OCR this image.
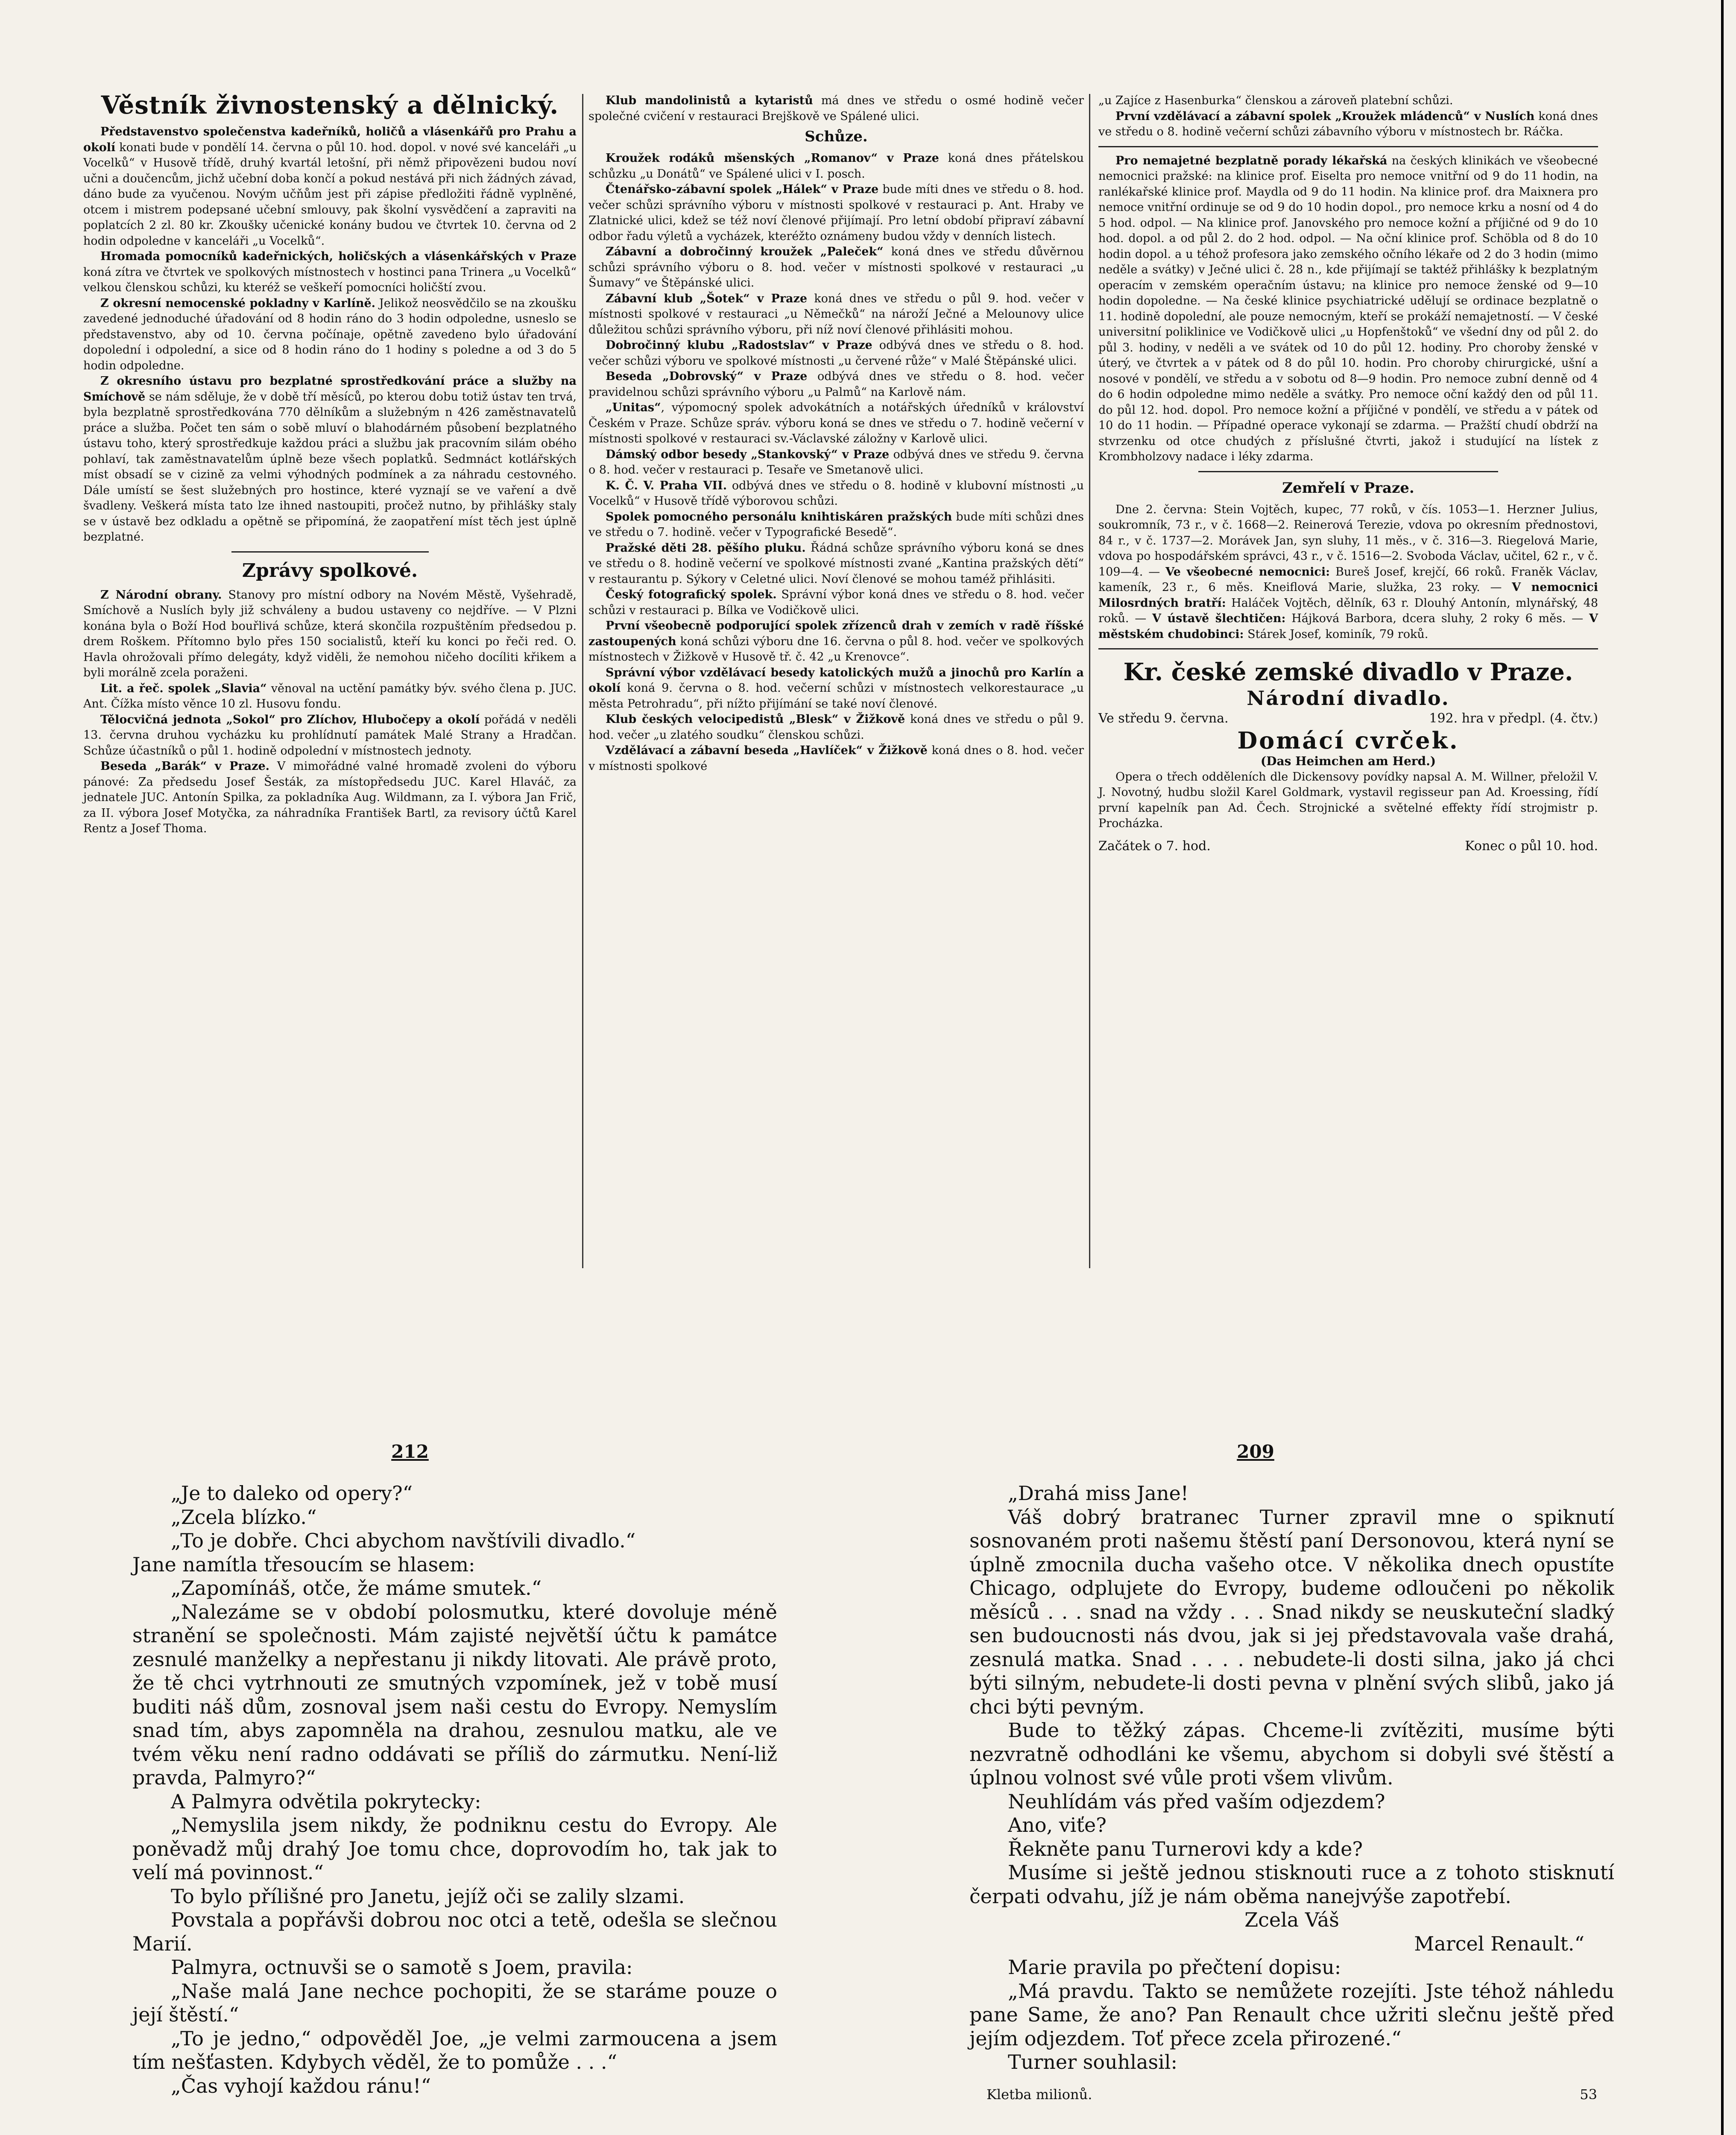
Věstník živnostenský a dělnický.

Představenstvo společenstva kadeřníků, holičů a vlásenkářů pro Prahu a okolí konati bude v pondělí 14. června o půl 10. hod. dopol. v nové své kanceláři „u Vocelků“ v Husově třídě, druhý kvartál letošní, při němž připovězeni budou noví učni a doučencům, jichž učební doba končí a pokud nestává při nich žádných závad, dáno bude za vyučenou. Novým učňům jest při zápise předložiti řádně vyplněné, otcem i mistrem podepsané učební smlouvy, pak školní vysvědčení a zapraviti na poplatcích 2 zl. 80 kr. Zkoušky učenické konány budou ve čtvrtek 10. června od 2 hodin odpoledne v kanceláři „u Vocelků“.

Hromada pomocníků kadeřnických, holičských a vlásenkářských v Praze koná zítra ve čtvrtek ve spolkových místnostech v hostinci pana Trinera „u Vocelků“ velkou členskou schůzi, ku kteréž se veškeří pomocníci holičští zvou.

Z okresní nemocenské pokladny v Karlíně. Jelikož neosvědčilo se na zkoušku zavedené jednoduché úřadování od 8 hodin ráno do 3 hodin odpoledne, usneslo se představenstvo, aby od 10. června počínaje, opětně zavedeno bylo úřadování dopolední i odpolední, a sice od 8 hodin ráno do 1 hodiny s poledne a od 3 do 5 hodin odpoledne.

Z okresního ústavu pro bezplatné sprostředkování práce a služby na Smíchově se nám sděluje, že v době tří měsíců, po kterou dobu totiž ústav ten trvá, byla bezplatně sprostředkována 770 dělníkům a služebným n 426 zaměstnavatelů práce a služba. Počet ten sám o sobě mluví o blahodárném působení bezplatného ústavu toho, který sprostředkuje každou práci a službu jak pracovním silám obého pohlaví, tak zaměstnavatelům úplně beze všech poplatků. Sedmnáct kotlářských míst obsadí se v cizině za velmi výhodných podmínek a za náhradu cestovného. Dále umístí se šest služebných pro hostince, které vyznají se ve vaření a dvě švadleny. Veškerá místa tato lze ihned nastoupiti, pročež nutno, by přihlášky staly se v ústavě bez odkladu a opětně se připomíná, že zaopatření míst těch jest úplně bezplatné.

Zprávy spolkové.

Z Národní obrany. Stanovy pro místní odbory na Novém Městě, Vyšehradě, Smíchově a Nuslích byly již schváleny a budou ustaveny co nejdříve. — V Plzni konána byla o Boží Hod bouřlivá schůze, která skončila rozpuštěním předsedou p. drem Roškem. Přítomno bylo přes 150 socialistů, kteří ku konci po řeči red. O. Havla ohrožovali přímo delegáty, když viděli, že nemohou ničeho docíliti křikem a byli morálně zcela poraženi.

Lit. a řeč. spolek „Slavia“ věnoval na uctění památky býv. svého člena p. JUC. Ant. Čížka místo věnce 10 zl. Husovu fondu.

Tělocvičná jednota „Sokol“ pro Zlíchov, Hlubočepy a okolí pořádá v neděli 13. června druhou vycházku ku prohlídnutí památek Malé Strany a Hradčan. Schůze účastníků o půl 1. hodině odpolední v místnostech jednoty.

Beseda „Barák“ v Praze. V mimořádné valné hromadě zvoleni do výboru pánové: Za předsedu Josef Šesták, za místopředsedu JUC. Karel Hlaváč, za jednatele JUC. Antonín Spilka, za pokladníka Aug. Wildmann, za I. výbora Jan Frič, za II. výbora Josef Motyčka, za náhradníka František Bartl, za revisory účtů Karel Rentz a Josef Thoma.

Klub mandolinistů a kytaristů má dnes ve středu o osmé hodině večer společné cvičení v restauraci Brejškově ve Spálené ulici.

Schůze.

Kroužek rodáků mšenských „Romanov“ v Praze koná dnes přátelskou schůzku „u Donátů“ ve Spálené ulici v I. posch.

Čtenářsko-zábavní spolek „Hálek“ v Praze bude míti dnes ve středu o 8. hod. večer schůzi správního výboru v místnosti spolkové v restauraci p. Ant. Hraby ve Zlatnické ulici, kdež se též noví členové přijímají. Pro letní období připraví zábavní odbor řadu výletů a vycházek, kteréžto oznámeny budou vždy v denních listech.

Zábavní a dobročinný kroužek „Paleček“ koná dnes ve středu důvěrnou schůzi správního výboru o 8. hod. večer v místnosti spolkové v restauraci „u Šumavy“ ve Štěpánské ulici.

Zábavní klub „Šotek“ v Praze koná dnes ve středu o půl 9. hod. večer v místnosti spolkové v restauraci „u Němečků“ na nároží Ječné a Melounovy ulice důležitou schůzi správního výboru, při níž noví členové přihlásiti mohou.

Dobročinný klubu „Radostslav“ v Praze odbývá dnes ve středu o 8. hod. večer schůzi výboru ve spolkové místnosti „u červené růže“ v Malé Štěpánské ulici.

Beseda „Dobrovský“ v Praze odbývá dnes ve středu o 8. hod. večer pravidelnou schůzi správního výboru „u Palmů“ na Karlově nám.

„Unitas“, výpomocný spolek advokátních a notářských úředníků v království Českém v Praze. Schůze správ. výboru koná se dnes ve středu o 7. hodině večerní v místnosti spolkové v restauraci sv.-Václavské záložny v Karlově ulici.

Dámský odbor besedy „Stankovský“ v Praze odbývá dnes ve středu 9. června o 8. hod. večer v restauraci p. Tesaře ve Smetanově ulici.

K. Č. V. Praha VII. odbývá dnes ve středu o 8. hodině v klubovní místnosti „u Vocelků“ v Husově třídě výborovou schůzi.

Spolek pomocného personálu knihtiskáren pražských bude míti schůzi dnes ve středu o 7. hodině. večer v Typografické Besedě“.

Pražské děti 28. pěšího pluku. Řádná schůze správního výboru koná se dnes ve středu o 8. hodině večerní ve spolkové místnosti zvané „Kantina pražských dětí“ v restaurantu p. Sýkory v Celetné ulici. Noví členové se mohou taméž přihlásiti.

Český fotografický spolek. Správní výbor koná dnes ve středu o 8. hod. večer schůzi v restauraci p. Bílka ve Vodičkově ulici.

První všeobecně podporující spolek zřízenců drah v zemích v radě říšské zastoupených koná schůzi výboru dne 16. června o půl 8. hod. večer ve spolkových místnostech v Žižkově v Husově tř. č. 42 „u Krenovce“.

Správní výbor vzdělávací besedy katolických mužů a jinochů pro Karlín a okolí koná 9. června o 8. hod. večerní schůzi v místnostech velkorestaurace „u města Petrohradu“, při nížto přijímání se také noví členové.

Klub českých velocipedistů „Blesk“ v Žižkově koná dnes ve středu o půl 9. hod. večer „u zlatého soudku“ členskou schůzi.

Vzdělávací a zábavní beseda „Havlíček“ v Žižkově koná dnes o 8. hod. večer v místnosti spolkové

„u Zajíce z Hasenburka“ členskou a zároveň platební schůzi.

První vzdělávací a zábavní spolek „Kroužek mládenců“ v Nuslích koná dnes ve středu o 8. hodině večerní schůzi zábavního výboru v místnostech br. Ráčka.

Pro nemajetné bezplatně porady lékařská na českých klinikách ve všeobecné nemocnici pražské: na klinice prof. Eiselta pro nemoce vnitřní od 9 do 11 hodin, na ranlékařské klinice prof. Maydla od 9 do 11 hodin. Na klinice prof. dra Maixnera pro nemoce vnitřní ordinuje se od 9 do 10 hodin dopol., pro nemoce krku a nosní od 4 do 5 hod. odpol. — Na klinice prof. Janovského pro nemoce kožní a příjičné od 9 do 10 hod. dopol. a od půl 2. do 2 hod. odpol. — Na oční klinice prof. Schöbla od 8 do 10 hodin dopol. a u téhož profesora jako zemského očního lékaře od 2 do 3 hodin (mimo neděle a svátky) v Ječné ulici č. 28 n., kde přijímají se taktéž přihlášky k bezplatným operacím v zemském operačním ústavu; na klinice pro nemoce ženské od 9—10 hodin dopoledne. — Na české klinice psychiatrické udělují se ordinace bezplatně o 11. hodině dopolední, ale pouze nemocným, kteří se prokáží nemajetností. — V české universitní poliklinice ve Vodičkově ulici „u Hopfenštoků“ ve všední dny od půl 2. do půl 3. hodiny, v neděli a ve svátek od 10 do půl 12. hodiny. Pro choroby ženské v úterý, ve čtvrtek a v pátek od 8 do půl 10. hodin. Pro choroby chirurgické, ušní a nosové v pondělí, ve středu a v sobotu od 8—9 hodin. Pro nemoce zubní denně od 4 do 6 hodin odpoledne mimo neděle a svátky. Pro nemoce oční každý den od půl 11. do půl 12. hod. dopol. Pro nemoce kožní a příjičné v pondělí, ve středu a v pátek od 10 do 11 hodin. — Případné operace vykonají se zdarma. — Pražští chudí obdrží na stvrzenku od otce chudých z příslušné čtvrti, jakož i studující na lístek z Krombholzovy nadace i léky zdarma.

Zemřelí v Praze.

Dne 2. června: Stein Vojtěch, kupec, 77 roků, v čís. 1053—1. Herzner Julius, soukromník, 73 r., v č. 1668—2. Reinerová Terezie, vdova po okresním přednostovi, 84 r., v č. 1737—2. Morávek Jan, syn sluhy, 11 měs., v č. 316—3. Riegelová Marie, vdova po hospodářském správci, 43 r., v č. 1516—2. Svoboda Václav, učitel, 62 r., v č. 109—4. — Ve všeobecné nemocnici: Bureš Josef, krejčí, 66 roků. Franěk Václav, kameník, 23 r., 6 měs. Kneiflová Marie, služka, 23 roky. — V nemocnici Milosrdných bratří: Haláček Vojtěch, dělník, 63 r. Dlouhý Antonín, mlynářský, 48 roků. — V ústavě šlechtičen: Hájková Barbora, dcera sluhy, 2 roky 6 měs. — V městském chudobinci: Stárek Josef, kominík, 79 roků.

Kr. české zemské divadlo v Praze.
Národní divadlo.
Ve středu 9. června.	192. hra v předpl. (4. čtv.)
Domácí cvrček.
(Das Heimchen am Herd.)

Opera o třech odděleních dle Dickensovy povídky napsal A. M. Willner, přeložil V. J. Novotný, hudbu složil Karel Goldmark, vystavil regisseur pan Ad. Kroessing, řídí první kapelník pan Ad. Čech. Strojnické a světelné effekty řídí strojmistr p. Procházka.

Začátek o 7. hod.	Konec o půl 10. hod.
212	209

„Je to daleko od opery?“

„Zcela blízko.“

„To je dobře. Chci abychom navštívili divadlo.“

Jane namítla třesoucím se hlasem:

„Zapomínáš, otče, že máme smutek.“

„Nalezáme se v období polosmutku, které dovoluje méně stranění se společnosti. Mám zajisté největší účtu k památce zesnulé manželky a nepřestanu ji nikdy litovati. Ale právě proto, že tě chci vytrhnouti ze smutných vzpomínek, jež v tobě musí buditi náš dům, zosnoval jsem naši cestu do Evropy. Nemyslím snad tím, abys zapomněla na drahou, zesnulou matku, ale ve tvém věku není radno oddávati se příliš do zármutku. Není-liž pravda, Palmyro?“

A Palmyra odvětila pokrytecky:

„Nemyslila jsem nikdy, že podniknu cestu do Evropy. Ale poněvadž můj drahý Joe tomu chce, doprovodím ho, tak jak to velí má povinnost.“

To bylo přílišné pro Janetu, jejíž oči se zalily slzami.

Povstala a popřávši dobrou noc otci a tetě, odešla se slečnou Marií.

Palmyra, octnuvši se o samotě s Joem, pravila:

„Naše malá Jane nechce pochopiti, že se staráme pouze o její štěstí.“

„To je jedno,“ odpověděl Joe, „je velmi zarmoucena a jsem tím nešťasten. Kdybych věděl, že to pomůže . . .“

„Čas vyhojí každou ránu!“

„Drahá miss Jane!

Váš dobrý bratranec Turner zpravil mne o spiknutí sosnovaném proti našemu štěstí paní Dersonovou, která nyní se úplně zmocnila ducha vašeho otce. V několika dnech opustíte Chicago, odplujete do Evropy, budeme odloučeni po několik měsíců . . . snad na vždy . . . Snad nikdy se neuskuteční sladký sen budoucnosti nás dvou, jak si jej představovala vaše drahá, zesnulá matka. Snad . . . . nebudete-li dosti silna, jako já chci býti silným, nebudete-li dosti pevna v plnění svých slibů, jako já chci býti pevným.

Bude to těžký zápas. Chceme-li zvítěziti, musíme býti nezvratně odhodláni ke všemu, abychom si dobyli své štěstí a úplnou volnost své vůle proti všem vlivům.

Neuhlídám vás před vaším odjezdem?

Ano, viťe?

Řekněte panu Turnerovi kdy a kde?

Musíme si ještě jednou stisknouti ruce a z tohoto stisknutí čerpati odvahu, jíž je nám oběma nanejvýše zapotřebí.

Zcela Váš

Marcel Renault.“

Marie pravila po přečtení dopisu:

„Má pravdu. Takto se nemůžete rozejíti. Jste téhož náhledu pane Same, že ano? Pan Renault chce užriti slečnu ještě před jejím odjezdem. Toť přece zcela přirozené.“

Turner souhlasil:

Kletba milionů.	53
